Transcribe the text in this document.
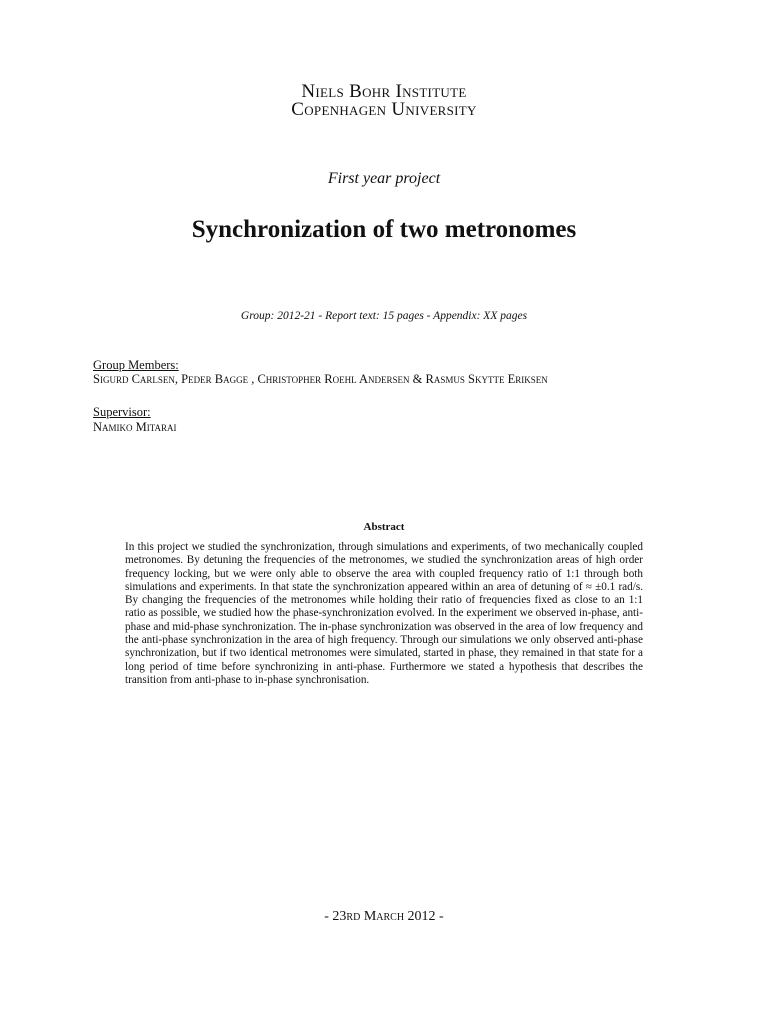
Niels Bohr Institute
Copenhagen University
First year project
Synchronization of two metronomes
Group: 2012-21 - Report text: 15 pages - Appendix: XX pages
Group Members:
Sigurd Carlsen, Peder Bagge , Christopher Roehl Andersen & Rasmus Skytte Eriksen
Supervisor:
Namiko Mitarai
Abstract

In this project we studied the synchronization, through simulations and experiments, of two mechanically coupled metronomes. By detuning the frequencies of the metronomes, we studied the synchronization areas of high order frequency locking, but we were only able to observe the area with coupled frequency ratio of 1:1 through both simulations and experiments. In that state the synchronization appeared within an area of detuning of ≈ ±0.1 rad/s. By changing the frequencies of the metronomes while holding their ratio of frequencies fixed as close to an 1:1 ratio as possible, we studied how the phase-synchronization evolved. In the experiment we observed in-phase, anti-phase and mid-phase synchronization. The in-phase synchronization was observed in the area of low frequency and the anti-phase synchronization in the area of high frequency. Through our simulations we only observed anti-phase synchronization, but if two identical metronomes were simulated, started in phase, they remained in that state for a long period of time before synchronizing in anti-phase. Furthermore we stated a hypothesis that describes the transition from anti-phase to in-phase synchronisation.

- 23rd March 2012 -
